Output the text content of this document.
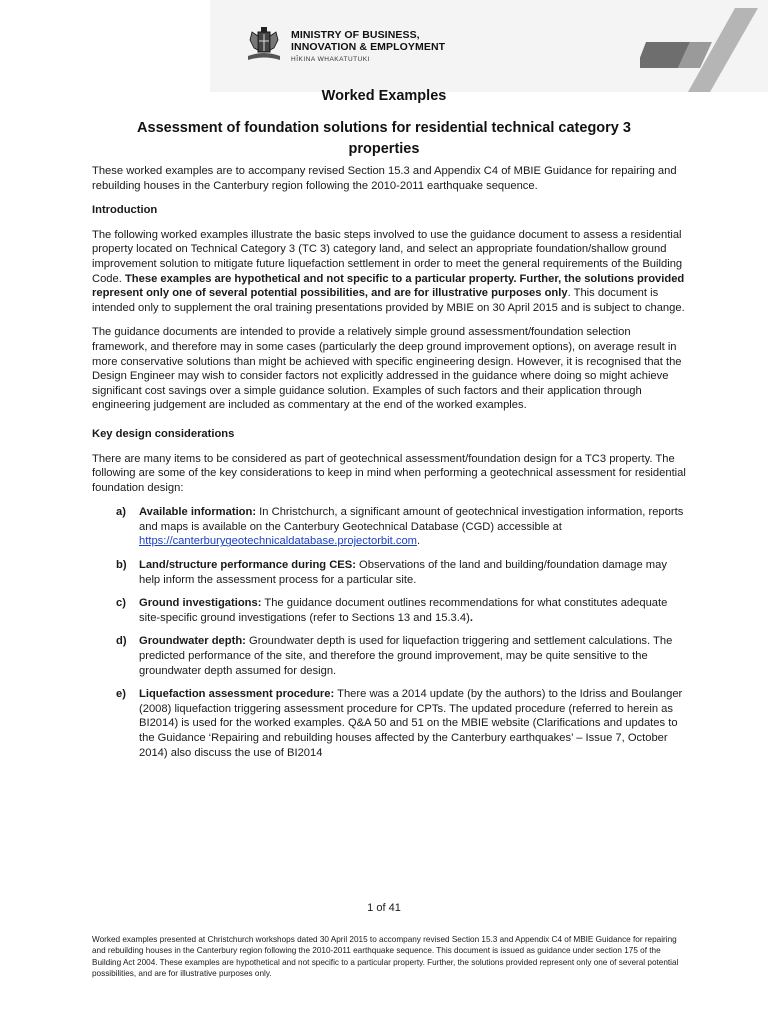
MINISTRY OF BUSINESS,
INNOVATION & EMPLOYMENT
HĪKINA WHAKATUTUKI
Worked Examples
Assessment of foundation solutions for residential technical category 3 properties

These worked examples are to accompany revised Section 15.3 and Appendix C4 of MBIE Guidance for repairing and rebuilding houses in the Canterbury region following the 2010-2011 earthquake sequence.

Introduction

The following worked examples illustrate the basic steps involved to use the guidance document to assess a residential property located on Technical Category 3 (TC 3) category land, and select an appropriate foundation/shallow ground improvement solution to mitigate future liquefaction settlement in order to meet the general requirements of the Building Code. These examples are hypothetical and not specific to a particular property. Further, the solutions provided represent only one of several potential possibilities, and are for illustrative purposes only. This document is intended only to supplement the oral training presentations provided by MBIE on 30 April 2015 and is subject to change.

The guidance documents are intended to provide a relatively simple ground assessment/foundation selection framework, and therefore may in some cases (particularly the deep ground improvement options), on average result in more conservative solutions than might be achieved with specific engineering design. However, it is recognised that the Design Engineer may wish to consider factors not explicitly addressed in the guidance where doing so might achieve significant cost savings over a simple guidance solution. Examples of such factors and their application through engineering judgement are included as commentary at the end of the worked examples.

Key design considerations

There are many items to be considered as part of geotechnical assessment/foundation design for a TC3 property. The following are some of the key considerations to keep in mind when performing a geotechnical assessment for residential foundation design:

a) Available information: In Christchurch, a significant amount of geotechnical investigation information, reports and maps is available on the Canterbury Geotechnical Database (CGD) accessible at https://canterburygeotechnicaldatabase.projectorbit.com.
b) Land/structure performance during CES: Observations of the land and building/foundation damage may help inform the assessment process for a particular site.
c) Ground investigations: The guidance document outlines recommendations for what constitutes adequate site-specific ground investigations (refer to Sections 13 and 15.3.4).
d) Groundwater depth: Groundwater depth is used for liquefaction triggering and settlement calculations. The predicted performance of the site, and therefore the ground improvement, may be quite sensitive to the groundwater depth assumed for design.
e) Liquefaction assessment procedure: There was a 2014 update (by the authors) to the Idriss and Boulanger (2008) liquefaction triggering assessment procedure for CPTs. The updated procedure (referred to herein as BI2014) is used for the worked examples. Q&A 50 and 51 on the MBIE website (Clarifications and updates to the Guidance ‘Repairing and rebuilding houses affected by the Canterbury earthquakes’ – Issue 7, October 2014) also discuss the use of BI2014
1 of 41
Worked examples presented at Christchurch workshops dated 30 April 2015 to accompany revised Section 15.3 and Appendix C4 of MBIE Guidance for repairing and rebuilding houses in the Canterbury region following the 2010-2011 earthquake sequence. This document is issued as guidance under section 175 of the Building Act 2004. These examples are hypothetical and not specific to a particular property. Further, the solutions provided represent only one of several potential possibilities, and are for illustrative purposes only.
